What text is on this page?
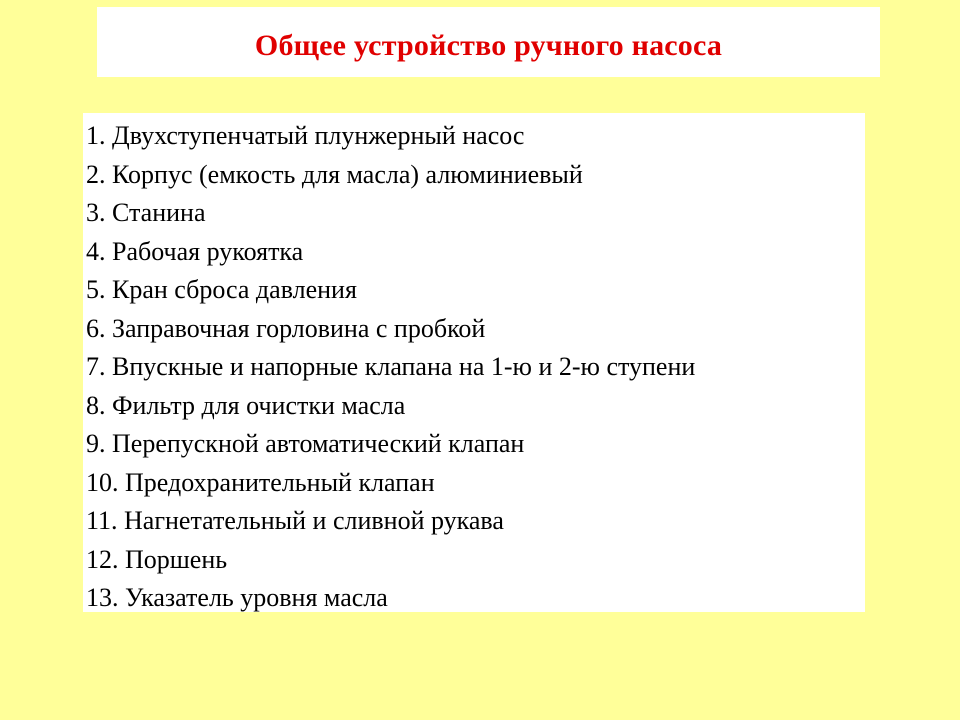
Общее устройство ручного насоса
1. Двухступенчатый плунжерный насос
2. Корпус (емкость для масла) алюминиевый
3. Станина
4. Рабочая рукоятка
5. Кран сброса давления
6. Заправочная горловина с пробкой
7. Впускные и напорные клапана на 1-ю и 2-ю ступени
8. Фильтр для очистки масла
9. Перепускной автоматический клапан
10. Предохранительный клапан
11. Нагнетательный и сливной рукава
12. Поршень
13. Указатель уровня масла
